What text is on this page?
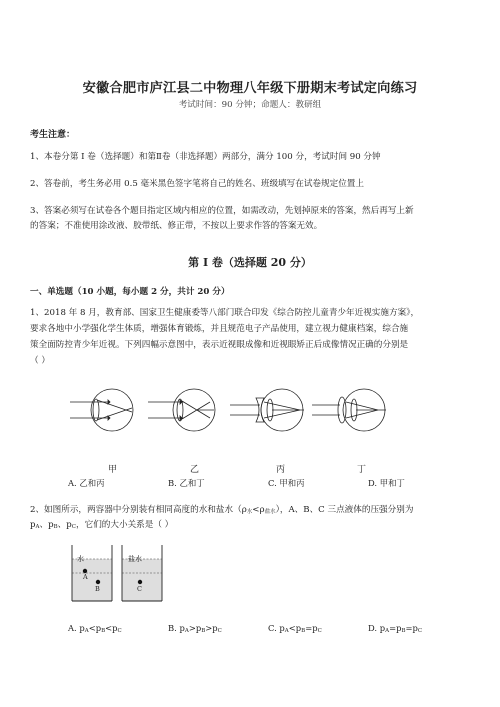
安徽合肥市庐江县二中物理八年级下册期末考试定向练习
考试时间：90 分钟；命题人：教研组
考生注意：
1、本卷分第 I 卷（选择题）和第Ⅱ卷（非选择题）两部分，满分 100 分，考试时间 90 分钟
2、答卷前，考生务必用 0.5 毫米黑色签字笔将自己的姓名、班级填写在试卷规定位置上
3、答案必须写在试卷各个题目指定区域内相应的位置，如需改动，先划掉原来的答案，然后再写上新
的答案；不准使用涂改液、胶带纸、修正带，不按以上要求作答的答案无效。
第 I 卷（选择题 20 分）
一、单选题（10 小题，每小题 2 分，共计 20 分）
1、2018 年 8 月，教育部、国家卫生健康委等八部门联合印发《综合防控儿童青少年近视实施方案》，
要求各地中小学强化学生体质，增强体育锻炼，并且规范电子产品使用，建立视力健康档案，综合施
策全面防控青少年近视。下列四幅示意图中，表示近视眼成像和近视眼矫正后成像情况正确的分别是
（ ）
甲	乙	丙	丁
A. 乙和丙	B. 乙和丁	C. 甲和丙	D. 甲和丁
2、如图所示，两容器中分别装有相同高度的水和盐水（ρ水<ρ盐水），A、B、C 三点液体的压强分别为
pA、pB、pC，它们的大小关系是（ ）
水	盐水
A
B	C
A. pA<pB<pC	B. pA>pB>pC	C. pA<pB=pC	D. pA=pB=pC
